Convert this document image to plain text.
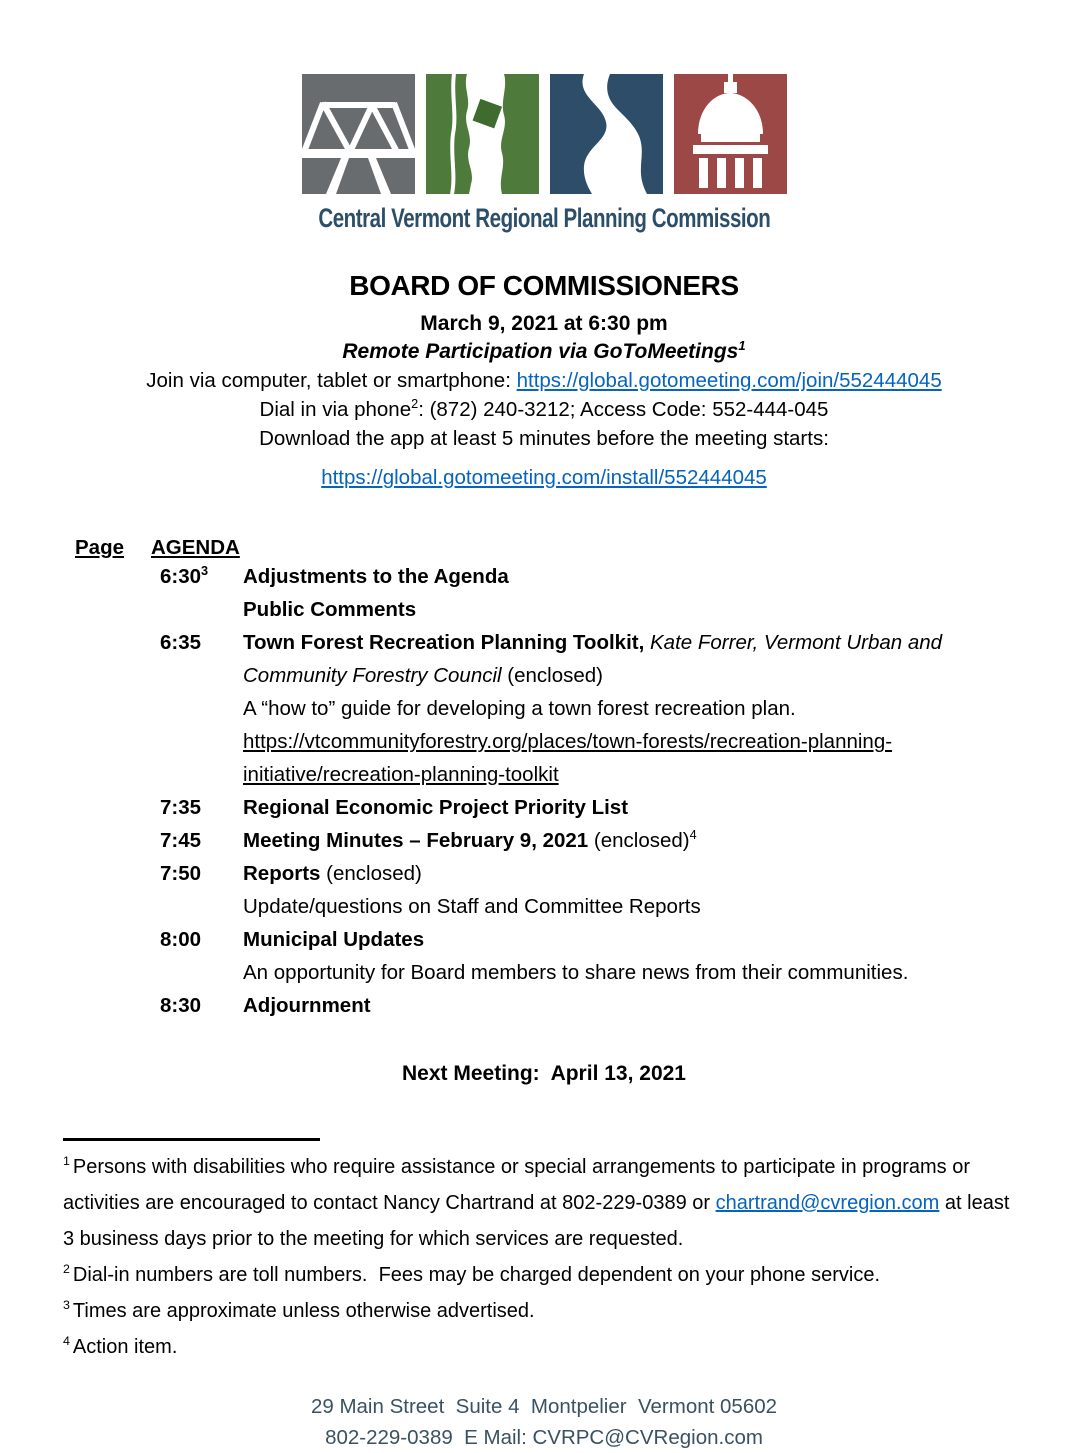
Central Vermont Regional Planning Commission
BOARD OF COMMISSIONERS
March 9, 2021 at 6:30 pm
Remote Participation via GoToMeetings$^1$
Join via computer, tablet or smartphone: https://global.gotomeeting.com/join/552444045
Dial in via phone$^2$: (872) 240-3212; Access Code: 552-444-045
Download the app at least 5 minutes before the meeting starts:
https://global.gotomeeting.com/install/552444045
Page AGENDA
$6:30^3$	Adjustments to the Agenda
Public Comments
6:35	Town Forest Recreation Planning Toolkit, Kate Forrer, Vermont Urban and
Community Forestry Council (enclosed)
A “how to” guide for developing a town forest recreation plan.
https://vtcommunityforestry.org/places/town-forests/recreation-planning-
initiative/recreation-planning-toolkit
7:35	Regional Economic Project Priority List
7:45	Meeting Minutes – February 9, 2021 (enclosed)$^4$
7:50	Reports (enclosed)
Update/questions on Staff and Committee Reports
8:00	Municipal Updates
An opportunity for Board members to share news from their communities.
8:30	Adjournment
Next Meeting:  April 13, 2021
$^1$ Persons with disabilities who require assistance or special arrangements to participate in programs or activities are encouraged to contact Nancy Chartrand at 802-229-0389 or chartrand@cvregion.com at least 3 business days prior to the meeting for which services are requested.
$^2$ Dial-in numbers are toll numbers.  Fees may be charged dependent on your phone service.
$^3$ Times are approximate unless otherwise advertised.
$^4$ Action item.
29 Main Street  Suite 4  Montpelier  Vermont 05602
802-229-0389  E Mail: CVRPC@CVRegion.com
